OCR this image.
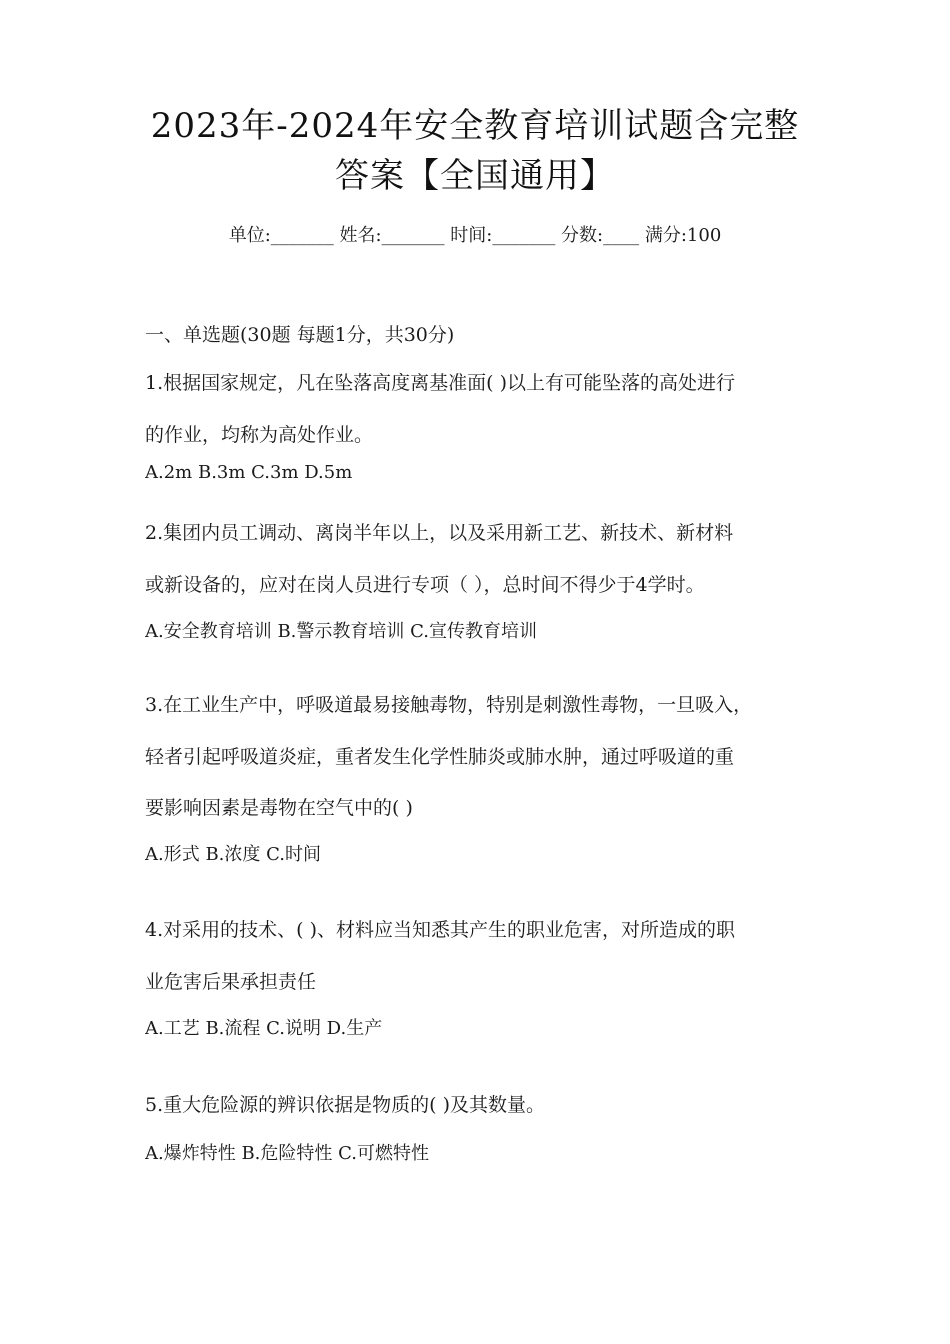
2023年-2024年安全教育培训试题含完整
答案【全国通用】
单位:_______ 姓名:_______ 时间:_______ 分数:____ 满分:100
一、单选题(30题 每题1分，共30分)
1.根据国家规定，凡在坠落高度离基准面( )以上有可能坠落的高处进行
的作业，均称为高处作业。
A.2m B.3m C.3m D.5m
2.集团内员工调动、离岗半年以上，以及采用新工艺、新技术、新材料
或新设备的，应对在岗人员进行专项（ ），总时间不得少于4学时。
A.安全教育培训 B.警示教育培训 C.宣传教育培训
3.在工业生产中，呼吸道最易接触毒物，特别是刺激性毒物，一旦吸入，
轻者引起呼吸道炎症，重者发生化学性肺炎或肺水肿，通过呼吸道的重
要影响因素是毒物在空气中的( )
A.形式 B.浓度 C.时间
4.对采用的技术、( )、材料应当知悉其产生的职业危害，对所造成的职
业危害后果承担责任
A.工艺 B.流程 C.说明 D.生产
5.重大危险源的辨识依据是物质的( )及其数量。
A.爆炸特性 B.危险特性 C.可燃特性
